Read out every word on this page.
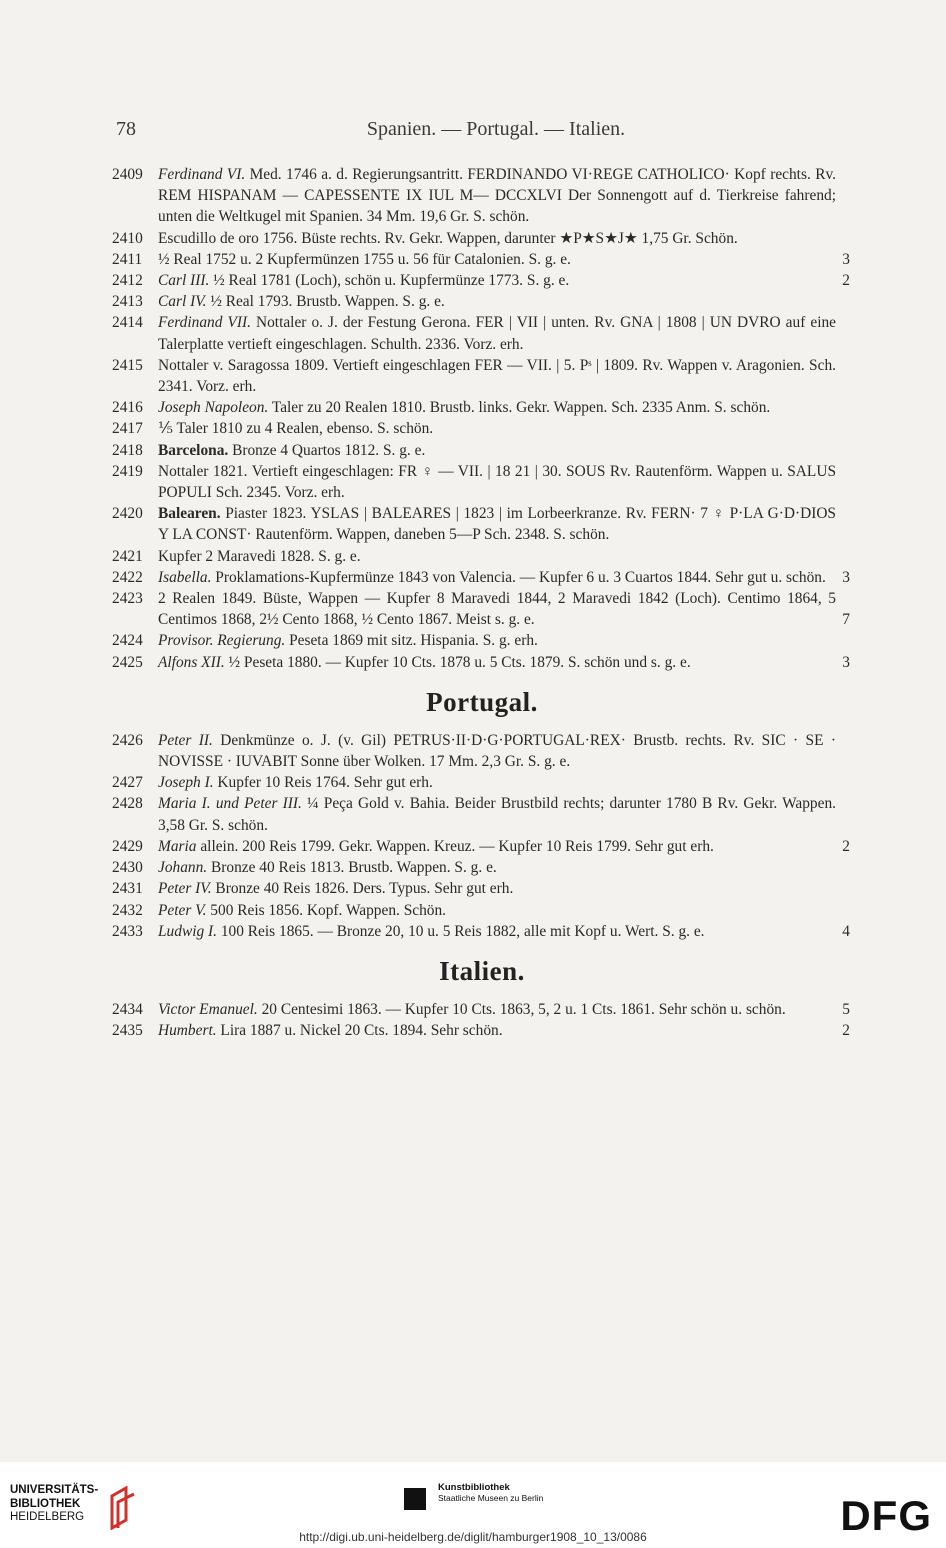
78	Spanien. — Portugal. — Italien.
2409 Ferdinand VI. Med. 1746 a. d. Regierungsantritt. FERDINANDO VI·REGE CATHOLICO· Kopf rechts. Rv. REM HISPANAM — CAPESSENTE IX IUL M— DCCXLVI Der Sonnengott auf d. Tierkreise fahrend; unten die Weltkugel mit Spanien. 34 Mm. 19,6 Gr. S. schön.
2410 Escudillo de oro 1756. Büste rechts. Rv. Gekr. Wappen, darunter ★P★S★J★ 1,75 Gr. Schön.
2411 ½ Real 1752 u. 2 Kupfermünzen 1755 u. 56 für Catalonien. S. g. e.	3
2412 Carl III. ½ Real 1781 (Loch), schön u. Kupfermünze 1773. S. g. e.	2
2413 Carl IV. ½ Real 1793. Brustb. Wappen. S. g. e.
2414 Ferdinand VII. Nottaler o. J. der Festung Gerona. FER | VII | unten. Rv. GNA | 1808 | UN DVRO auf eine Talerplatte vertieft eingeschlagen. Schulth. 2336. Vorz. erh.
2415 Nottaler v. Saragossa 1809. Vertieft eingeschlagen FER — VII. | 5. Pˢ | 1809. Rv. Wappen v. Aragonien. Sch. 2341. Vorz. erh.
2416 Joseph Napoleon. Taler zu 20 Realen 1810. Brustb. links. Gekr. Wappen. Sch. 2335 Anm. S. schön.
2417 ⅕ Taler 1810 zu 4 Realen, ebenso. S. schön.
2418 Barcelona. Bronze 4 Quartos 1812. S. g. e.
2419 Nottaler 1821. Vertieft eingeschlagen: FR ♀ — VII. | 18 21 | 30. SOUS Rv. Rautenförm. Wappen u. SALUS POPULI Sch. 2345. Vorz. erh.
2420 Balearen. Piaster 1823. YSLAS | BALEARES | 1823 | im Lorbeerkranze. Rv. FERN· 7 ♀ P·LA G·D·DIOS Y LA CONST· Rautenförm. Wappen, daneben 5—P Sch. 2348. S. schön.
2421 Kupfer 2 Maravedi 1828. S. g. e.
2422 Isabella. Proklamations-Kupfermünze 1843 von Valencia. — Kupfer 6 u. 3 Cuartos 1844. Sehr gut u. schön. 3
2423 2 Realen 1849. Büste, Wappen — Kupfer 8 Maravedi 1844, 2 Maravedi 1842 (Loch). Centimo 1864, 5 Centimos 1868, 2½ Cento 1868, ½ Cento 1867. Meist s. g. e.	7
2424 Provisor. Regierung. Peseta 1869 mit sitz. Hispania. S. g. erh.
2425 Alfons XII. ½ Peseta 1880. — Kupfer 10 Cts. 1878 u. 5 Cts. 1879. S. schön und s. g. e.	3
Portugal.
2426 Peter II. Denkmünze o. J. (v. Gil) PETRUS·II·D·G·PORTUGAL·REX· Brustb. rechts. Rv. SIC · SE · NOVISSE · IUVABIT Sonne über Wolken. 17 Mm. 2,3 Gr. S. g. e.
2427 Joseph I. Kupfer 10 Reis 1764. Sehr gut erh.
2428 Maria I. und Peter III. ¼ Peça Gold v. Bahia. Beider Brustbild rechts; darunter 1780 B Rv. Gekr. Wappen. 3,58 Gr. S. schön.
2429 Maria allein. 200 Reis 1799. Gekr. Wappen. Kreuz. — Kupfer 10 Reis 1799. Sehr gut erh.	2
2430 Johann. Bronze 40 Reis 1813. Brustb. Wappen. S. g. e.
2431 Peter IV. Bronze 40 Reis 1826. Ders. Typus. Sehr gut erh.
2432 Peter V. 500 Reis 1856. Kopf. Wappen. Schön.
2433 Ludwig I. 100 Reis 1865. — Bronze 20, 10 u. 5 Reis 1882, alle mit Kopf u. Wert. S. g. e.	4
Italien.
2434 Victor Emanuel. 20 Centesimi 1863. — Kupfer 10 Cts. 1863, 5, 2 u. 1 Cts. 1861. Sehr schön u. schön.	5
2435 Humbert. Lira 1887 u. Nickel 20 Cts. 1894. Sehr schön.	2
UNIVERSITÄTS-
BIBLIOTHEK
HEIDELBERG
Kunstbibliothek
Staatliche Museen zu Berlin	DFG
http://digi.ub.uni-heidelberg.de/diglit/hamburger1908_10_13/0086
